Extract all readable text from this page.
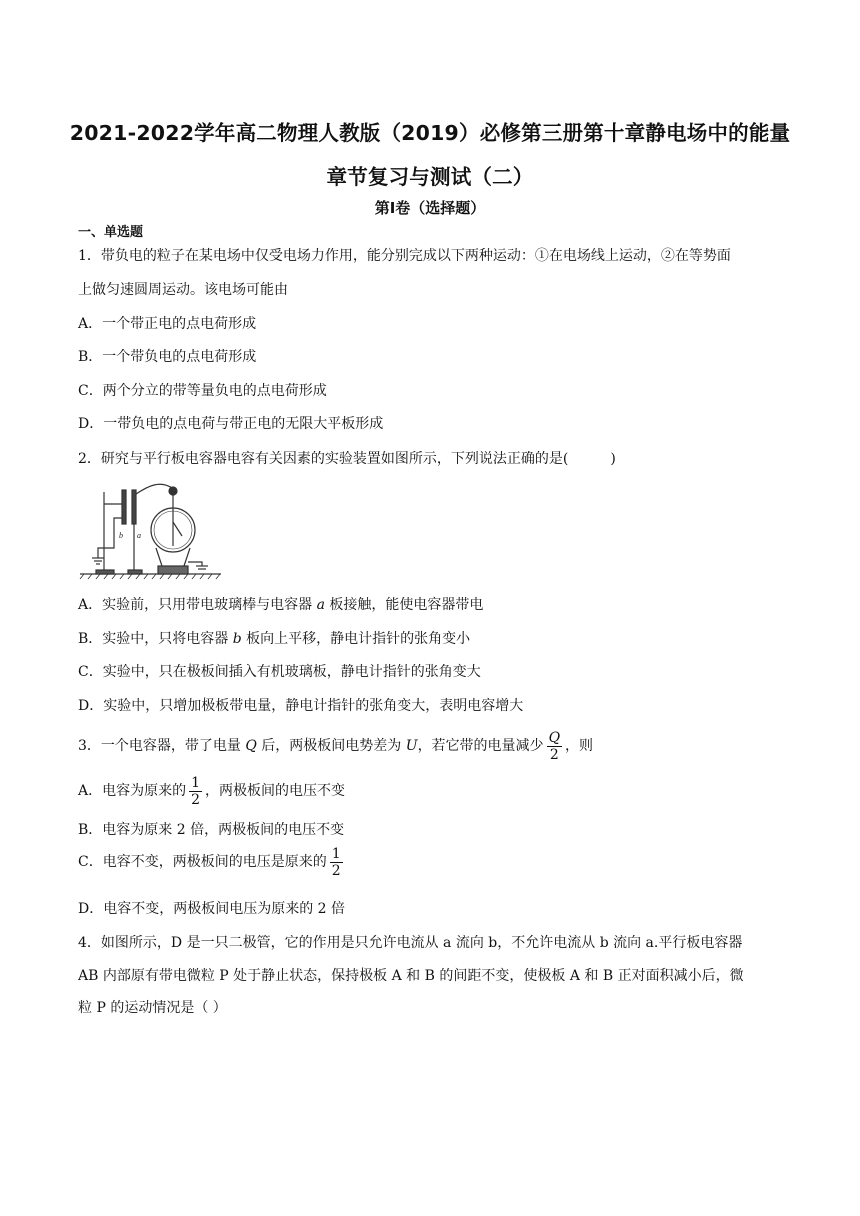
2021-2022学年高二物理人教版（2019）必修第三册第十章静电场中的能量
章节复习与测试（二）
第Ⅰ卷（选择题）
一、单选题
1．带负电的粒子在某电场中仅受电场力作用，能分别完成以下两种运动：①在电场线上运动，②在等势面
上做匀速圆周运动。该电场可能由
A．一个带正电的点电荷形成
B．一个带负电的点电荷形成
C．两个分立的带等量负电的点电荷形成
D．一带负电的点电荷与带正电的无限大平板形成
2．研究与平行板电容器电容有关因素的实验装置如图所示，下列说法正确的是(　　　)
b a
A．实验前，只用带电玻璃棒与电容器 a 板接触，能使电容器带电
B．实验中，只将电容器 b 板向上平移，静电计指针的张角变小
C．实验中，只在极板间插入有机玻璃板，静电计指针的张角变大
D．实验中，只增加极板带电量，静电计指针的张角变大，表明电容增大
3．一个电容器，带了电量 Q 后，两极板间电势差为 U，若它带的电量减少 $\frac{Q}{2}$ ，则
A．电容为原来的 $\frac{1}{2}$ ，两极板间的电压不变
B．电容为原来 2 倍，两极板间的电压不变
C．电容不变，两极板间的电压是原来的 $\frac{1}{2}$
D．电容不变，两极板间电压为原来的 2 倍
4．如图所示，D 是一只二极管，它的作用是只允许电流从 a 流向 b，不允许电流从 b 流向 a.平行板电容器
AB 内部原有带电微粒 P 处于静止状态，保持极板 A 和 B 的间距不变，使极板 A 和 B 正对面积减小后，微
粒 P 的运动情况是（ ）
